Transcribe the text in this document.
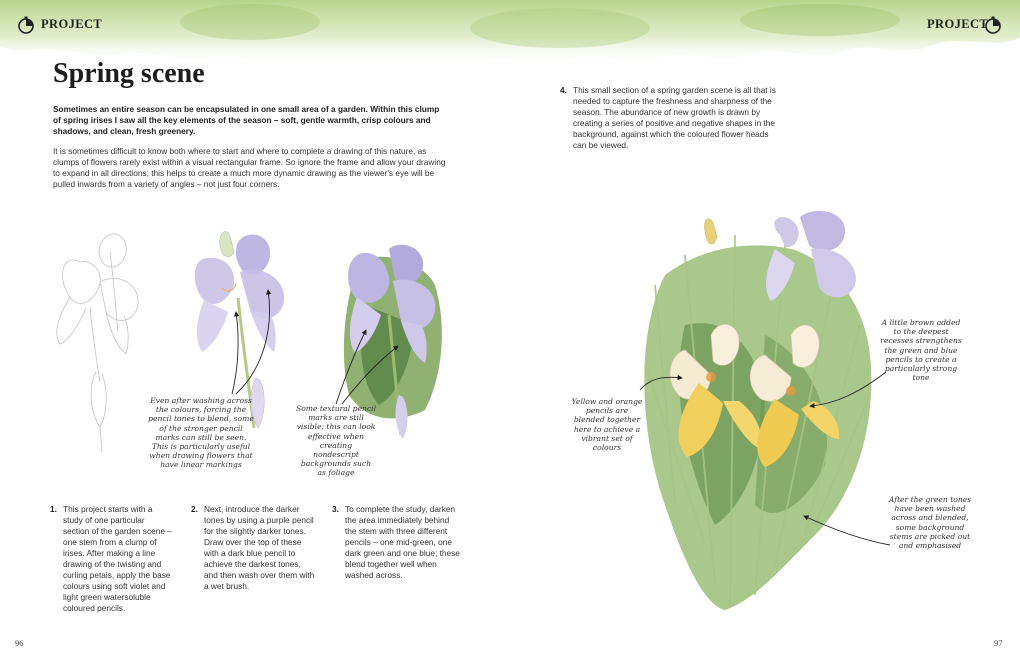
PROJECT	PROJECT
Spring scene
Sometimes an entire season can be encapsulated in one small area of a garden. Within this clump of spring irises I saw all the key elements of the season – soft, gentle warmth, crisp colours and shadows, and clean, fresh greenery.
It is sometimes difficult to know both where to start and where to complete a drawing of this nature, as clumps of flowers rarely exist within a visual rectangular frame. So ignore the frame and allow your drawing to expand in all directions; this helps to create a much more dynamic drawing as the viewer's eye will be pulled inwards from a variety of angles – not just four corners.
4. This small section of a spring garden scene is all that is needed to capture the freshness and sharpness of the season. The abundance of new growth is drawn by creating a series of positive and negative shapes in the background, against which the coloured flower heads can be viewed.
Even after washing across the colours, forcing the pencil tones to blend, some of the stronger pencil marks can still be seen. This is particularly useful when drawing flowers that have linear markings
Some textural pencil marks are still visible; this can look effective when creating nondescript backgrounds such as foliage
Yellow and orange pencils are blended together here to achieve a vibrant set of colours
A little brown added to the deepest recesses strengthens the green and blue pencils to create a particularly strong tone
After the green tones have been washed across and blended, some background stems are picked out and emphasised
1. This project starts with a study of one particular section of the garden scene – one stem from a clump of irises. After making a line drawing of the twisting and curling petals, apply the base colours using soft violet and light green watersoluble coloured pencils.
2. Next, introduce the darker tones by using a purple pencil for the slightly darker tones. Draw over the top of these with a dark blue pencil to achieve the darkest tones, and then wash over them with a wet brush.
3. To complete the study, darken the area immediately behind the stem with three different pencils – one mid-green, one dark green and one blue; these blend together well when washed across.
96	97
